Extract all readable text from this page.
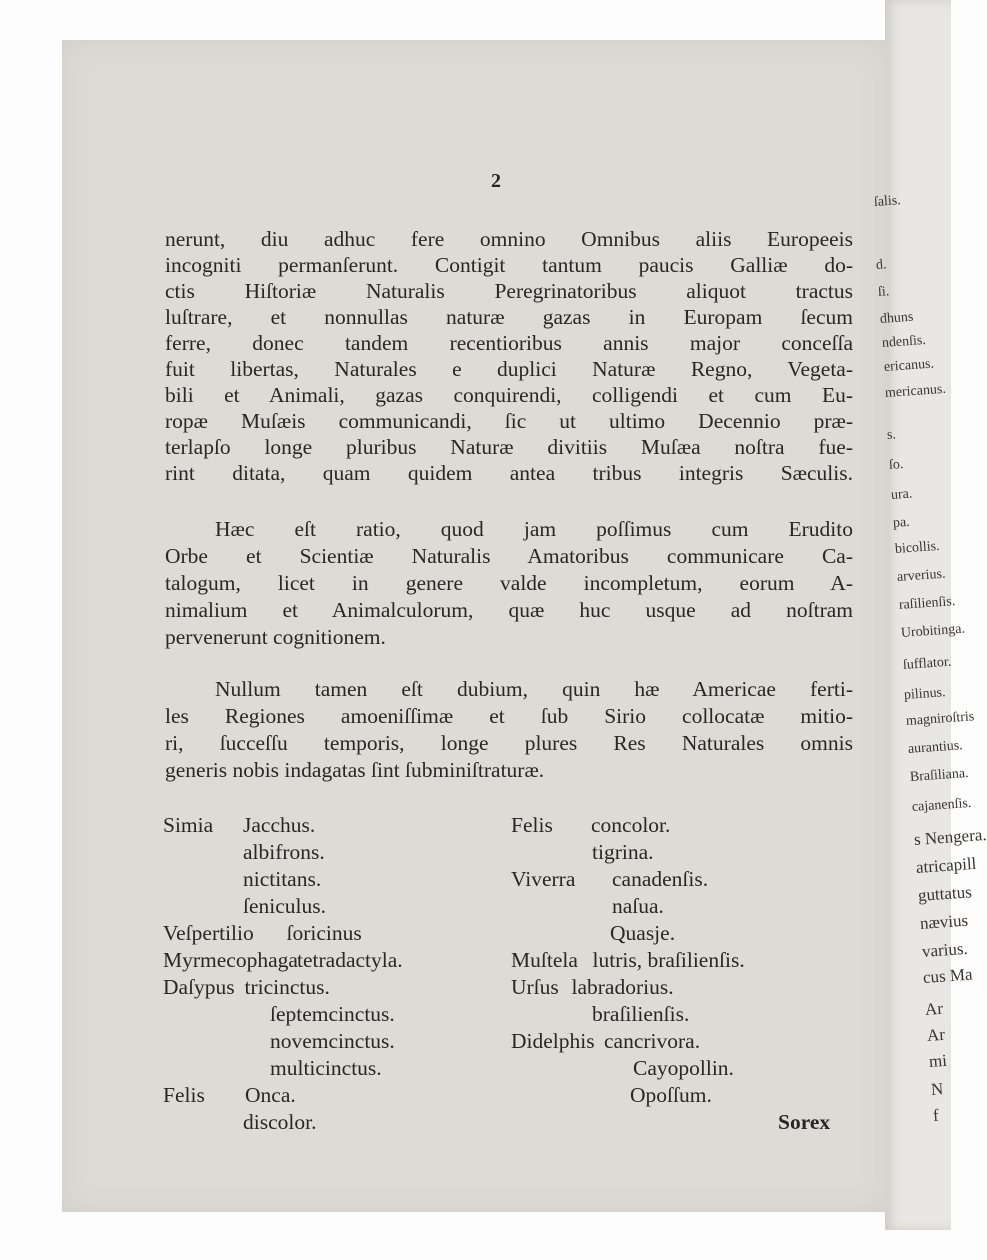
2
nerunt, diu adhuc fere omnino Omnibus aliis Europeeis
incogniti permanſerunt. Contigit tantum paucis Galliæ do-
ctis Hiſtoriæ Naturalis Peregrinatoribus aliquot tractus
luſtrare, et nonnullas naturæ gazas in Europam ſecum
ferre, donec tandem recentioribus annis major conceſſa
fuit libertas, Naturales e duplici Naturæ Regno, Vegeta-
bili et Animali, gazas conquirendi, colligendi et cum Eu-
ropæ Muſæis communicandi, ſic ut ultimo Decennio præ-
terlapſo longe pluribus Naturæ divitiis Muſæa noſtra fue-
rint ditata, quam quidem antea tribus integris Sæculis.
Hæc eſt ratio, quod jam poſſimus cum Erudito
Orbe et Scientiæ Naturalis Amatoribus communicare Ca-
talogum, licet in genere valde incompletum, eorum A-
nimalium et Animalculorum, quæ huc usque ad noſtram
pervenerunt cognitionem.
Nullum tamen eſt dubium, quin hæ Americae ferti-
les Regiones amoeniſſimæ et ſub Sirio collocatæ mitio-
ri, ſucceſſu temporis, longe plures Res Naturales omnis
generis nobis indagatas ſint ſubminiſtraturæ.
Simia Jacchus.
albifrons.
nictitans.
ſeniculus.
Veſpertilio ſoricinus
Myrmecophaga tetradactyla.
Daſypus tricinctus.
ſeptemcinctus.
novemcinctus.
multicinctus.
Felis Onca.
discolor.
Felis concolor.
tigrina.
Viverra canadenſis.
naſua.
Quasje.
Muſtela lutris, braſilienſis.
Urſus labradorius.
braſilienſis.
Didelphis cancrivora.
Cayopollin.
Opoſſum.
Sorex
ſalis.
d.
ſi.
dhuns
ndenſis.
ericanus.
mericanus.
s.
ſo.
ura.
pa.
bicollis.
arverius.
raſilienſis.
Urobitinga.
ſufflator.
pilinus.
magniroſtris
aurantius.
Braſiliana.
cajanenſis.
s Nengera.
atricapill
guttatus
nævius
varius.
cus Ma
Ar
Ar
mi
N
f
